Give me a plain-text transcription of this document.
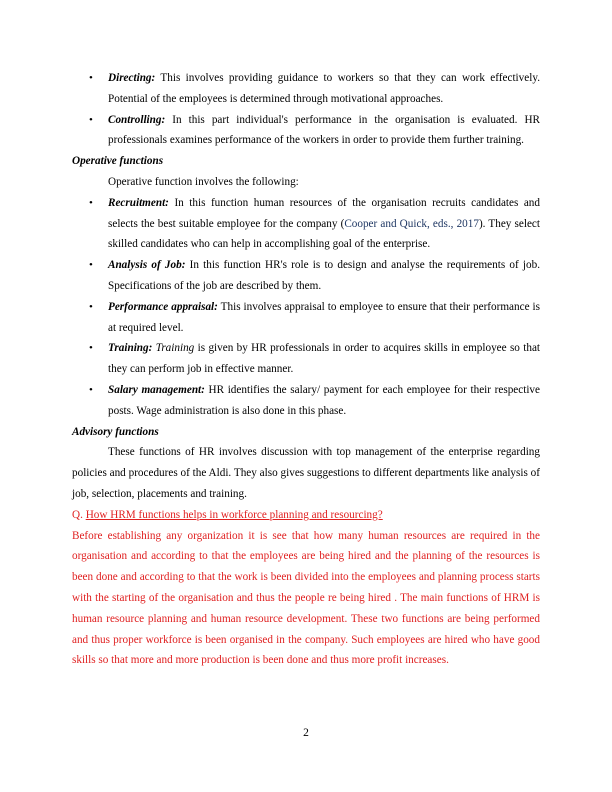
• Directing: This involves providing guidance to workers so that they can work effectively. Potential of the employees is determined through motivational approaches.
• Controlling: In this part individual's performance in the organisation is evaluated. HR professionals examines performance of the workers in order to provide them further training.
Operative functions
Operative function involves the following:
• Recruitment: In this function human resources of the organisation recruits candidates and selects the best suitable employee for the company (Cooper and Quick, eds., 2017). They select skilled candidates who can help in accomplishing goal of the enterprise.
• Analysis of Job: In this function HR's role is to design and analyse the requirements of job. Specifications of the job are described by them.
• Performance appraisal: This involves appraisal to employee to ensure that their performance is at required level.
• Training: Training is given by HR professionals in order to acquires skills in employee so that they can perform job in effective manner.
• Salary management: HR identifies the salary/ payment for each employee for their respective posts. Wage administration is also done in this phase.
Advisory functions
These functions of HR involves discussion with top management of the enterprise regarding policies and procedures of the Aldi. They also gives suggestions to different departments like analysis of job, selection, placements and training.
Q. How HRM functions helps in workforce planning and resourcing?
Before establishing any organization it is see that how many human resources are required in the organisation and according to that the employees are being hired and the planning of the resources is been done and according to that the work is been divided into the employees and planning process starts with the starting of the organisation and thus the people re being hired . The main functions of HRM is human resource planning and human resource development. These two functions are being performed and thus proper workforce is been organised in the company. Such employees are hired who have good skills so that more and more production is been done and thus more profit increases.
2
